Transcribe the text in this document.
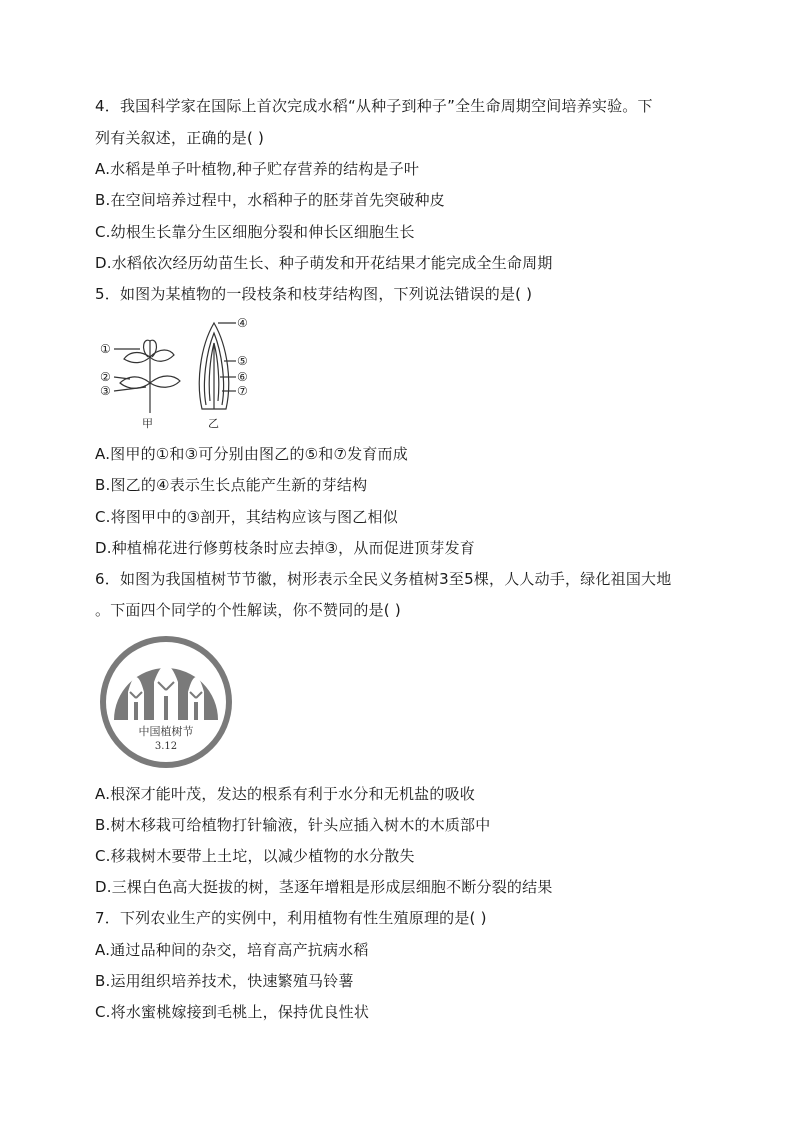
4．我国科学家在国际上首次完成水稻“从种子到种子”全生命周期空间培养实验。下
列有关叙述，正确的是( )
A.水稻是单子叶植物,种子贮存营养的结构是子叶
B.在空间培养过程中，水稻种子的胚芽首先突破种皮
C.幼根生长靠分生区细胞分裂和伸长区细胞生长
D.水稻依次经历幼苗生长、种子萌发和开花结果才能完成全生命周期
5．如图为某植物的一段枝条和枝芽结构图，下列说法错误的是( )
①
②
③
甲
④
⑤
⑥
⑦
乙
A.图甲的①和③可分别由图乙的⑤和⑦发育而成
B.图乙的④表示生长点能产生新的芽结构
C.将图甲中的③剖开，其结构应该与图乙相似
D.种植棉花进行修剪枝条时应去掉③，从而促进顶芽发育
6．如图为我国植树节节徽，树形表示全民义务植树3至5棵，人人动手，绿化祖国大地
。下面四个同学的个性解读，你不赞同的是( )
中国植树节
3.12
A.根深才能叶茂，发达的根系有利于水分和无机盐的吸收
B.树木移栽可给植物打针输液，针头应插入树木的木质部中
C.移栽树木要带上土坨，以减少植物的水分散失
D.三棵白色高大挺拔的树，茎逐年增粗是形成层细胞不断分裂的结果
7．下列农业生产的实例中，利用植物有性生殖原理的是( )
A.通过品种间的杂交，培育高产抗病水稻
B.运用组织培养技术，快速繁殖马铃薯
C.将水蜜桃嫁接到毛桃上，保持优良性状
